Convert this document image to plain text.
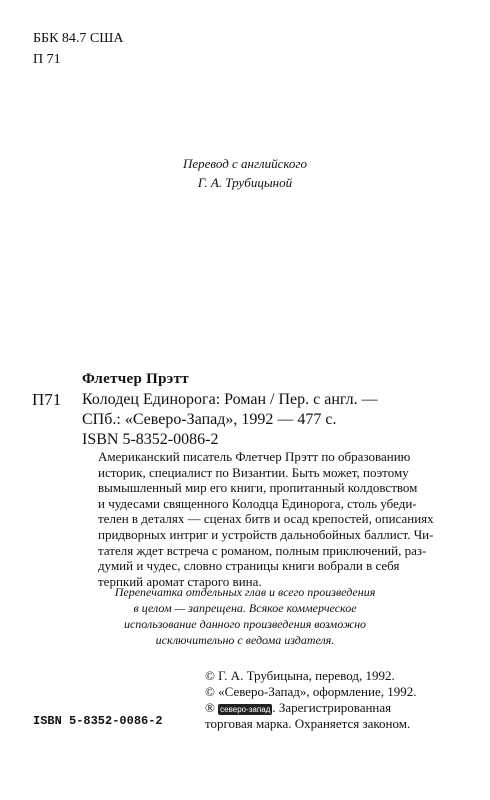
ББК 84.7 США
П 71
Перевод с английского
Г. А. Трубицыной
Флетчер Прэтт
П71 Колодец Единорога: Роман / Пер. с англ. —
СПб.: «Северо-Запад», 1992 — 477 с.
ISBN 5-8352-0086-2
Американский писатель Флетчер Прэтт по образованию
историк, специалист по Византии. Быть может, поэтому
вымышленный мир его книги, пропитанный колдовством
и чудесами священного Колодца Единорога, столь убеди-
телен в деталях — сценах битв и осад крепостей, описаниях
придворных интриг и устройств дальнобойных баллист. Чи-
тателя ждет встреча с романом, полным приключений, раз-
думий и чудес, словно страницы книги вобрали в себя
терпкий аромат старого вина.
Перепечатка отдельных глав и всего произведения
в целом — запрещена. Всякое коммерческое
использование данного произведения возможно
исключительно с ведома издателя.
© Г. А. Трубицына, перевод, 1992.
© «Северо-Запад», оформление, 1992.
® северо-запад . Зарегистрированная
торговая марка. Охраняется законом.
ISBN 5-8352-0086-2
